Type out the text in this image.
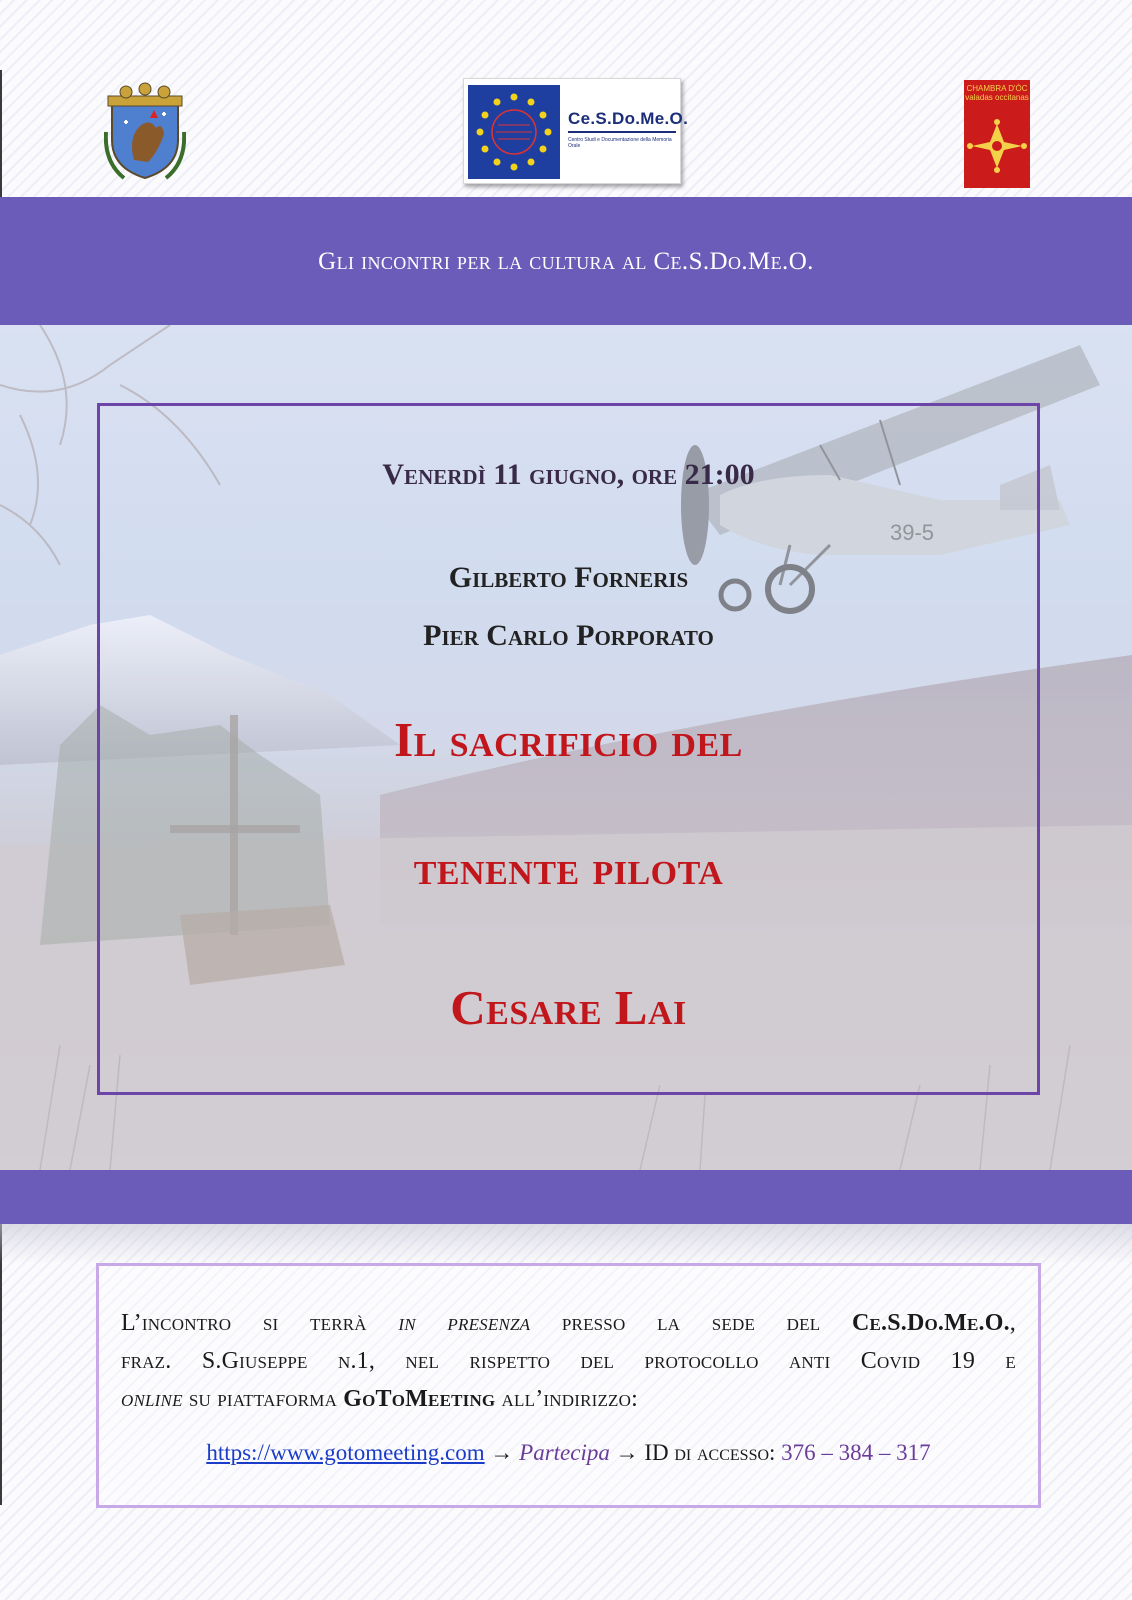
Ce.S.Do.Me.O.
Centro Studi e Documentazione della Memoria Orale
CHAMBRA D'ÒC valadas occitanas
Gli incontri per la cultura al Ce.S.Do.Me.O.
39-5
Venerdì 11 giugno, ore 21:00
Gilberto Forneris
Pier Carlo Porporato
Il sacrificio del
tenente pilota
Cesare Lai
L’incontro si terrà in presenza presso la sede del Ce.S.Do.Me.O.,
fraz. S.Giuseppe n.1, nel rispetto del protocollo anti Covid 19 e
online su piattaforma GoToMeeting all’indirizzo:
https://www.gotomeeting.com → Partecipa → ID di accesso: 376 – 384 – 317
